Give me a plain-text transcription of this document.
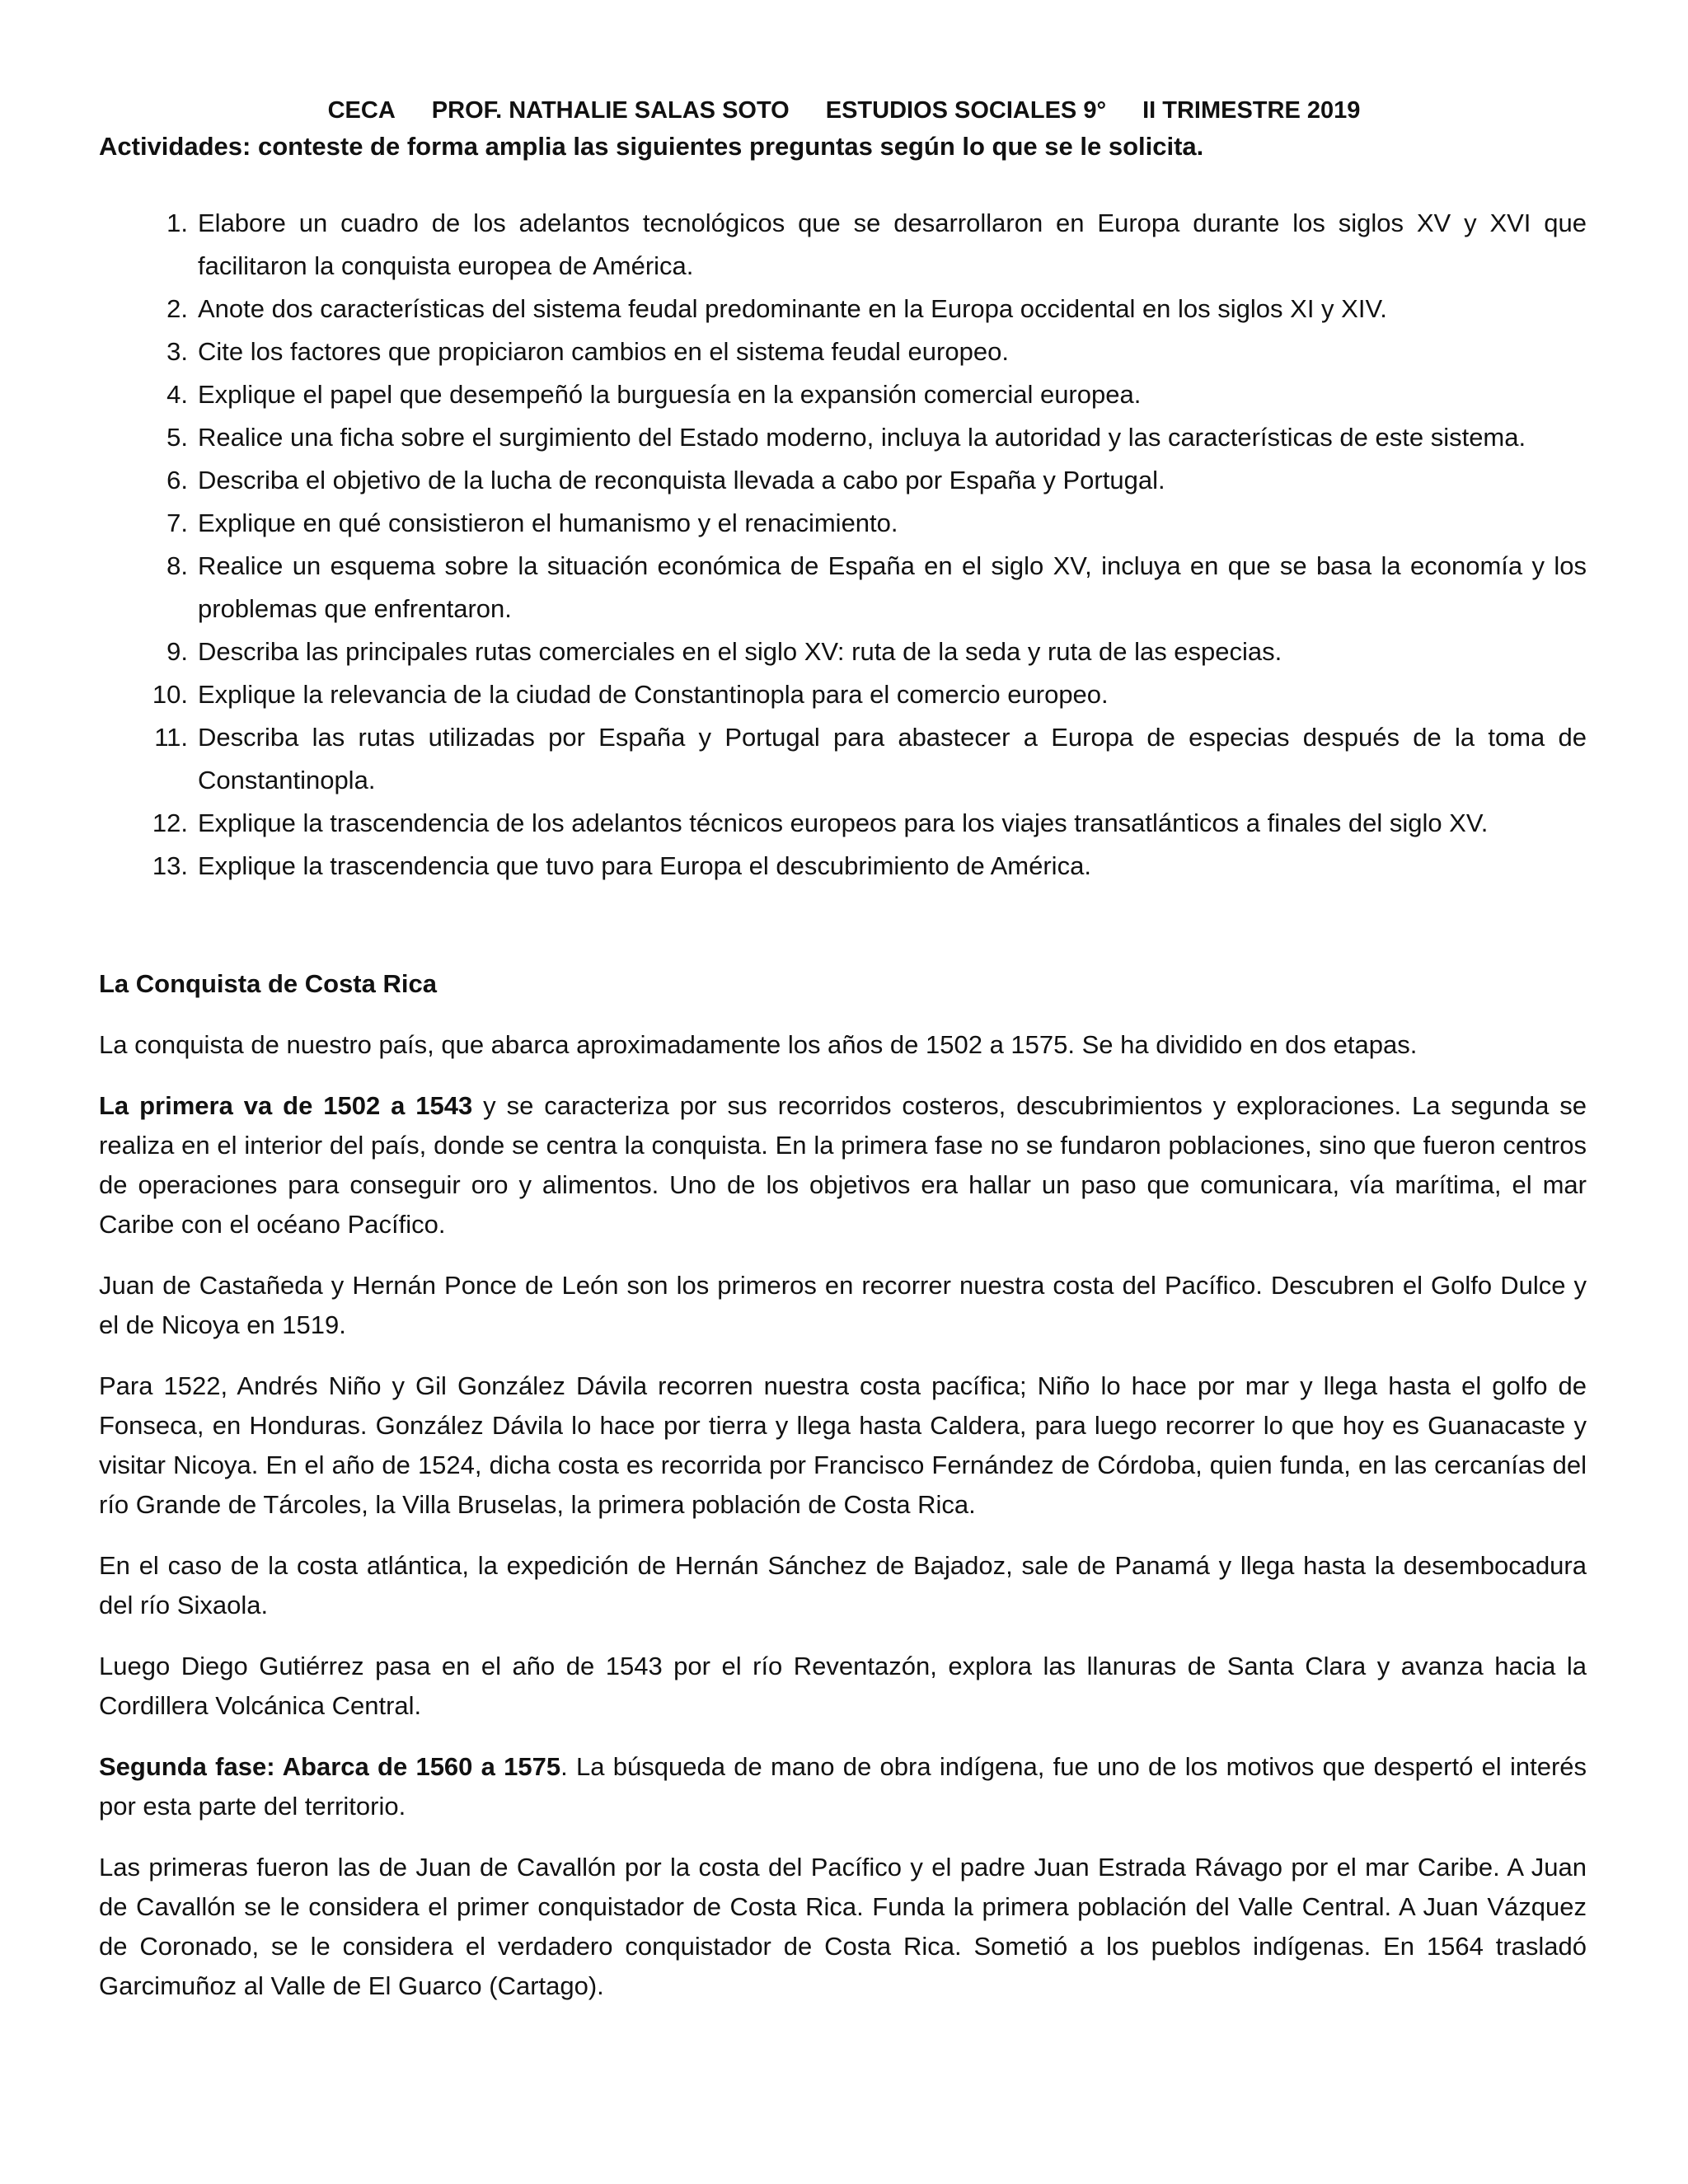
CECA PROF. NATHALIE SALAS SOTO ESTUDIOS SOCIALES 9° II TRIMESTRE 2019
Actividades: conteste de forma amplia las siguientes preguntas según lo que se le solicita.
1. Elabore un cuadro de los adelantos tecnológicos que se desarrollaron en Europa durante los siglos XV y XVI que facilitaron la conquista europea de América.
2. Anote dos características del sistema feudal predominante en la Europa occidental en los siglos XI y XIV.
3. Cite los factores que propiciaron cambios en el sistema feudal europeo.
4. Explique el papel que desempeñó la burguesía en la expansión comercial europea.
5. Realice una ficha sobre el surgimiento del Estado moderno, incluya la autoridad y las características de este sistema.
6. Describa el objetivo de la lucha de reconquista llevada a cabo por España y Portugal.
7. Explique en qué consistieron el humanismo y el renacimiento.
8. Realice un esquema sobre la situación económica de España en el siglo XV, incluya en que se basa la economía y los problemas que enfrentaron.
9. Describa las principales rutas comerciales en el siglo XV: ruta de la seda y ruta de las especias.
10. Explique la relevancia de la ciudad de Constantinopla para el comercio europeo.
11. Describa las rutas utilizadas por España y Portugal para abastecer a Europa de especias después de la toma de Constantinopla.
12. Explique la trascendencia de los adelantos técnicos europeos para los viajes transatlánticos a finales del siglo XV.
13. Explique la trascendencia que tuvo para Europa el descubrimiento de América.
La Conquista de Costa Rica

La conquista de nuestro país, que abarca aproximadamente los años de 1502 a 1575. Se ha dividido en dos etapas.

La primera va de 1502 a 1543 y se caracteriza por sus recorridos costeros, descubrimientos y exploraciones. La segunda se realiza en el interior del país, donde se centra la conquista. En la primera fase no se fundaron poblaciones, sino que fueron centros de operaciones para conseguir oro y alimentos. Uno de los objetivos era hallar un paso que comunicara, vía marítima, el mar Caribe con el océano Pacífico.

Juan de Castañeda y Hernán Ponce de León son los primeros en recorrer nuestra costa del Pacífico. Descubren el Golfo Dulce y el de Nicoya en 1519.

Para 1522, Andrés Niño y Gil González Dávila recorren nuestra costa pacífica; Niño lo hace por mar y llega hasta el golfo de Fonseca, en Honduras. González Dávila lo hace por tierra y llega hasta Caldera, para luego recorrer lo que hoy es Guanacaste y visitar Nicoya. En el año de 1524, dicha costa es recorrida por Francisco Fernández de Córdoba, quien funda, en las cercanías del río Grande de Tárcoles, la Villa Bruselas, la primera población de Costa Rica.

En el caso de la costa atlántica, la expedición de Hernán Sánchez de Bajadoz, sale de Panamá y llega hasta la desembocadura del río Sixaola.

Luego Diego Gutiérrez pasa en el año de 1543 por el río Reventazón, explora las llanuras de Santa Clara y avanza hacia la Cordillera Volcánica Central.

Segunda fase: Abarca de 1560 a 1575. La búsqueda de mano de obra indígena, fue uno de los motivos que despertó el interés por esta parte del territorio.

Las primeras fueron las de Juan de Cavallón por la costa del Pacífico y el padre Juan Estrada Rávago por el mar Caribe. A Juan de Cavallón se le considera el primer conquistador de Costa Rica. Funda la primera población del Valle Central. A Juan Vázquez de Coronado, se le considera el verdadero conquistador de Costa Rica. Sometió a los pueblos indígenas. En 1564 trasladó Garcimuñoz al Valle de El Guarco (Cartago).
